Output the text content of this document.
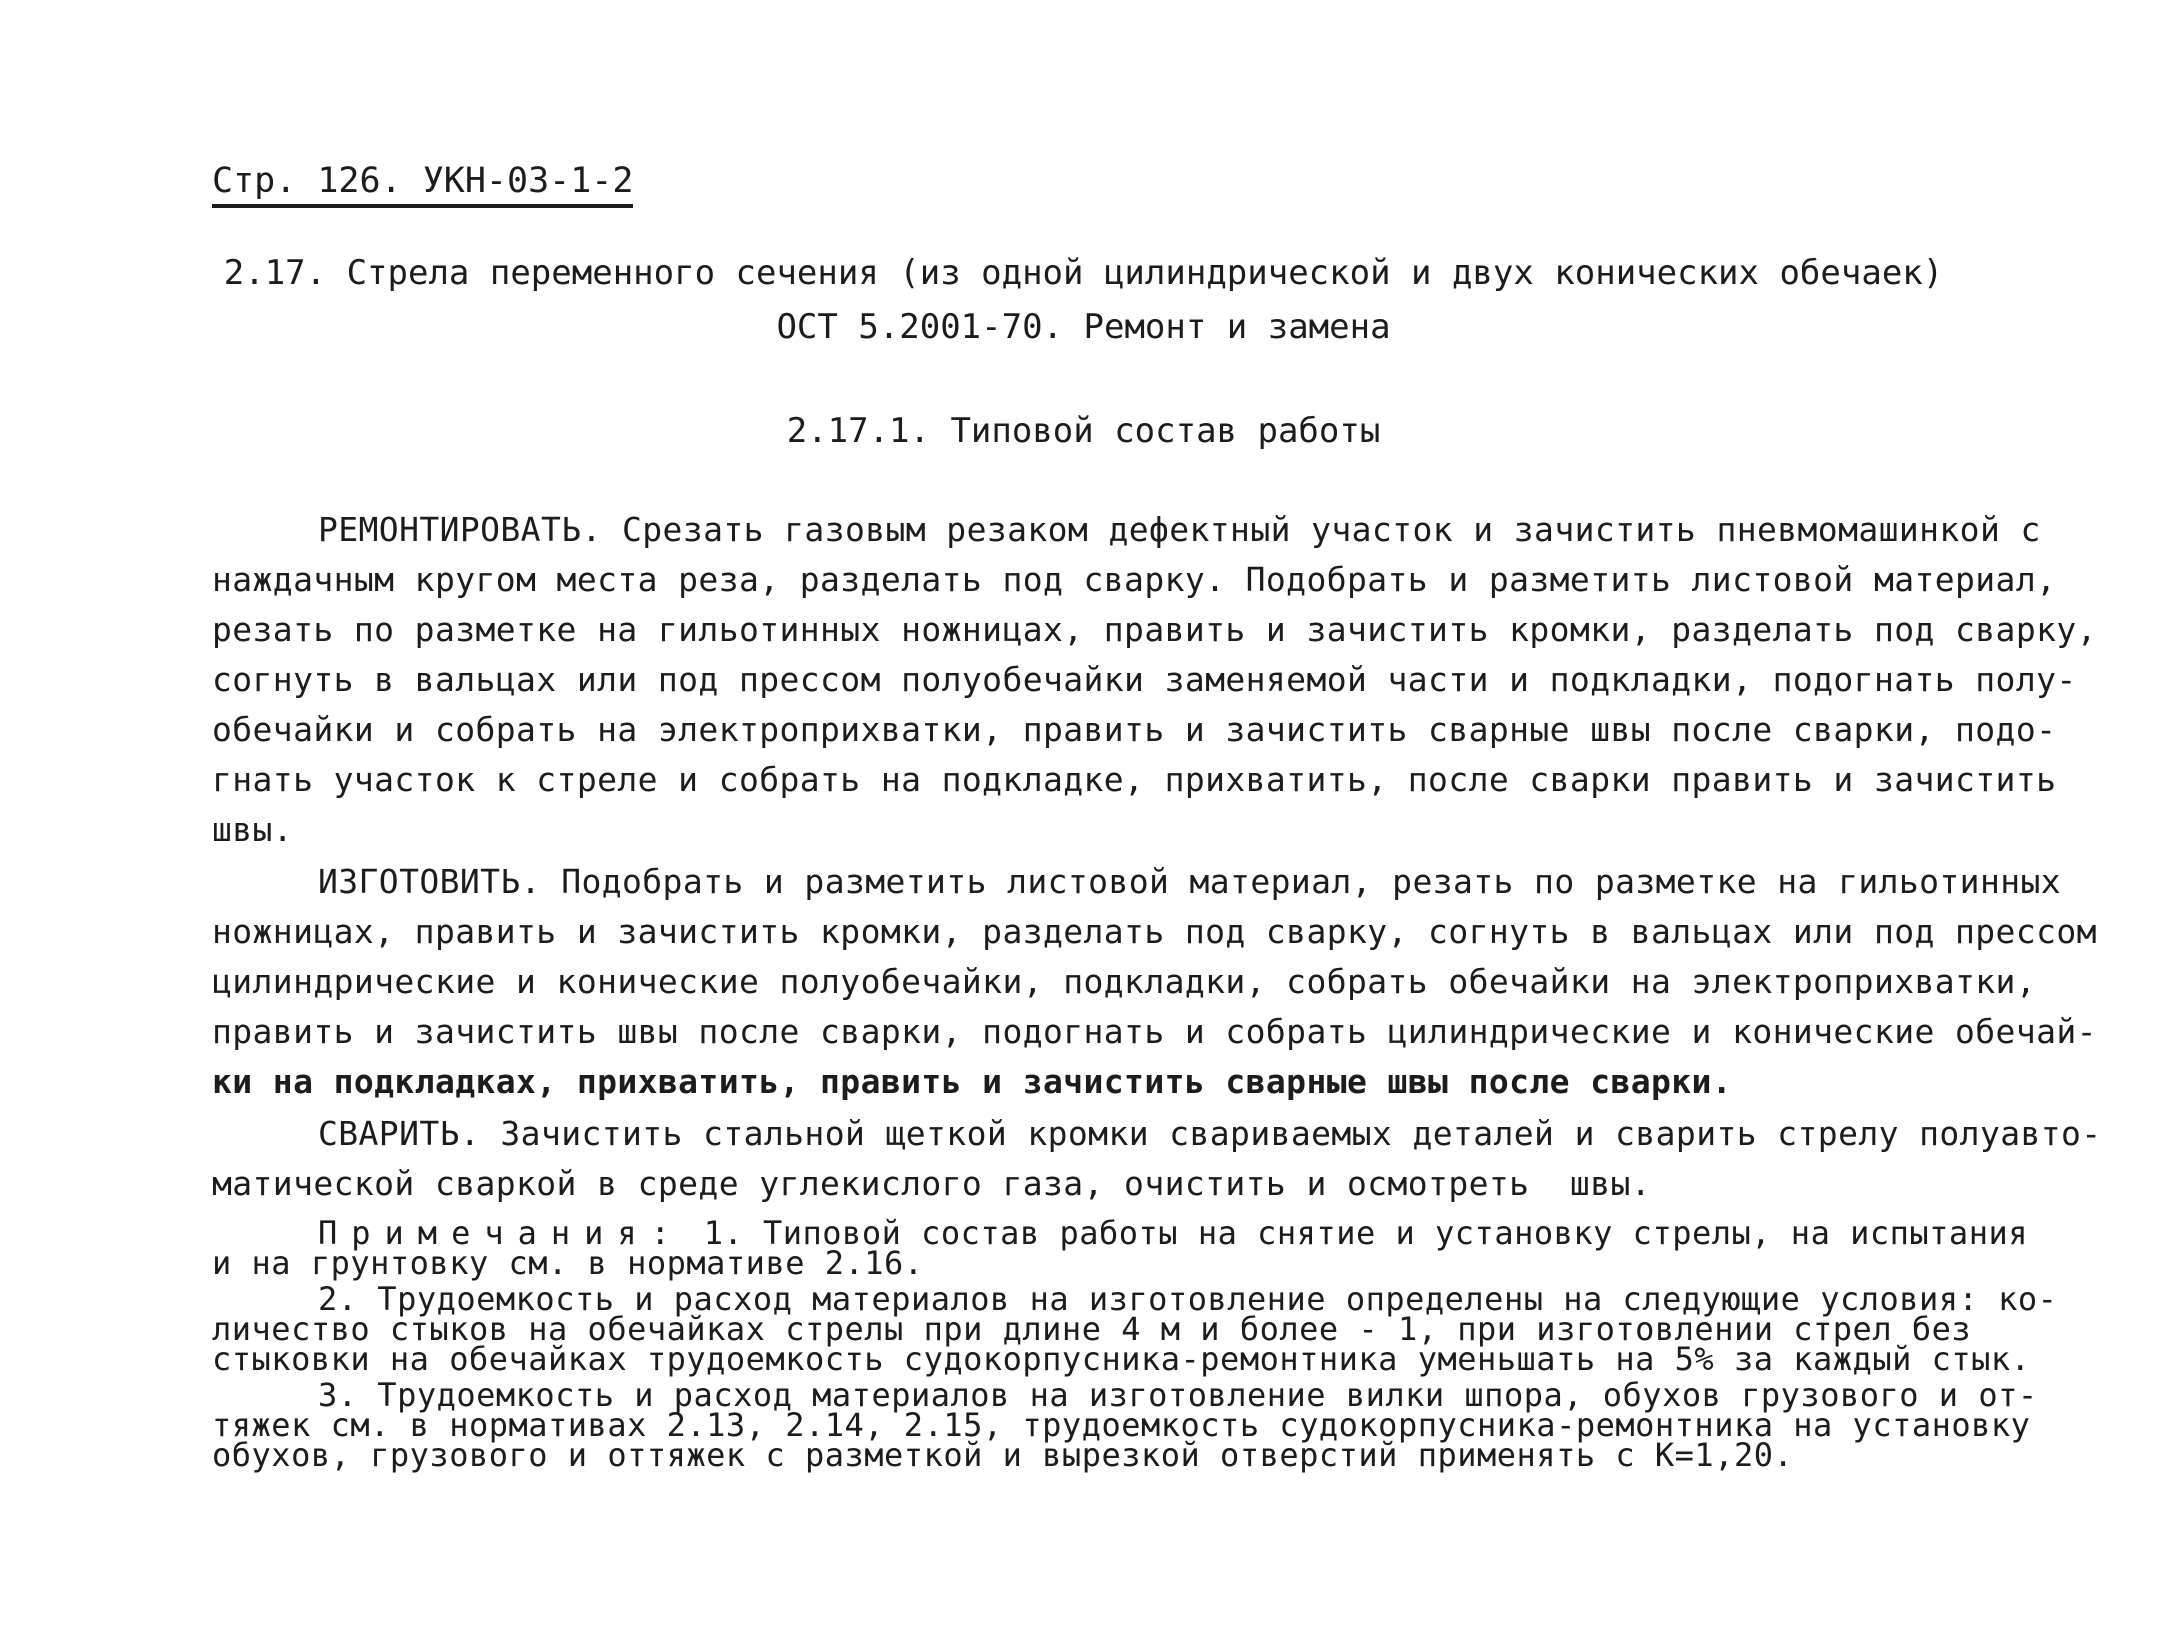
Стр. 126. УКН-03-1-2
2.17. Стрела переменного сечения (из одной цилиндрической и двух конических обечаек)
ОСТ 5.2001-70. Ремонт и замена
2.17.1. Типовой состав работы
РЕМОНТИРОВАТЬ. Срезать газовым резаком дефектный участок и зачистить пневмомашинкой с
наждачным кругом места реза, разделать под сварку. Подобрать и разметить листовой материал,
резать по разметке на гильотинных ножницах, править и зачистить кромки, разделать под сварку,
согнуть в вальцах или под прессом полуобечайки заменяемой части и подкладки, подогнать полу-
обечайки и собрать на электроприхватки, править и зачистить сварные швы после сварки, подо-
гнать участок к стреле и собрать на подкладке, прихватить, после сварки править и зачистить
швы.
ИЗГОТОВИТЬ. Подобрать и разметить листовой материал, резать по разметке на гильотинных
ножницах, править и зачистить кромки, разделать под сварку, согнуть в вальцах или под прессом
цилиндрические и конические полуобечайки, подкладки, собрать обечайки на электроприхватки,
править и зачистить швы после сварки, подогнать и собрать цилиндрические и конические обечай-
ки на подкладках, прихватить, править и зачистить сварные швы после сварки.
СВАРИТЬ. Зачистить стальной щеткой кромки свариваемых деталей и сварить стрелу полуавто-
матической сваркой в среде углекислого газа, очистить и осмотреть  швы.
Примечания: 1. Типовой состав работы на снятие и установку стрелы, на испытания
и на грунтовку см. в нормативе 2.16.
2. Трудоемкость и расход материалов на изготовление определены на следующие условия: ко-
личество стыков на обечайках стрелы при длине 4 м и более - 1, при изготовлении стрел без
стыковки на обечайках трудоемкость судокорпусника-ремонтника уменьшать на 5% за каждый стык.
3. Трудоемкость и расход материалов на изготовление вилки шпора, обухов грузового и от-
тяжек см. в нормативах 2.13, 2.14, 2.15, трудоемкость судокорпусника-ремонтника на установку
обухов, грузового и оттяжек с разметкой и вырезкой отверстий применять с К=1,20.
